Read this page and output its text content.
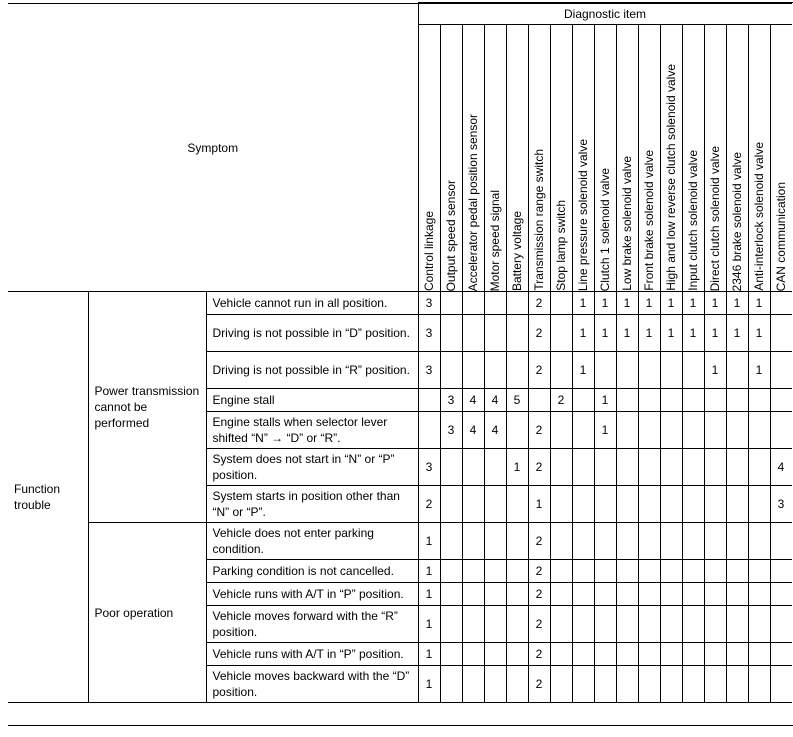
Symptom			Diagnostic item																

			Control linkage	Output speed sensor	Accelerator pedal position sensor	Motor speed signal	Battery voltage	Transmission range switch	Stop lamp switch	Line pressure solenoid valve	Clutch 1 solenoid valve	Low brake solenoid valve	Front brake solenoid valve	High and low reverse clutch solenoid valve	Input clutch solenoid valve	Direct clutch solenoid valve	2346 brake solenoid valve	Anti-interlock solenoid valve	CAN communication

Function trouble	Power transmission cannot be performed	Vehicle cannot run in all position.	3					2		1	1	1	1	1	1	1	1	1	
		Driving is not possible in “D” position.	3					2		1	1	1	1	1	1	1	1	1	
		Driving is not possible in “R” position.	3					2		1						1		1	
		Engine stall		3	4	4	5		2		1								
		Engine stalls when selector lever shifted “N” → “D” or “R”.		3	4	4		2			1								
		System does not start in “N” or “P” position.	3				1	2											4
		System starts in position other than “N” or “P”.	2					1											3
	Poor operation	Vehicle does not enter parking condition.	1					2											
		Parking condition is not cancelled.	1					2											
		Vehicle runs with A/T in “P” position.	1					2											
		Vehicle moves forward with the “R” position.	1					2											
		Vehicle runs with A/T in “P” position.	1					2											
		Vehicle moves backward with the “D” position.	1					2											
